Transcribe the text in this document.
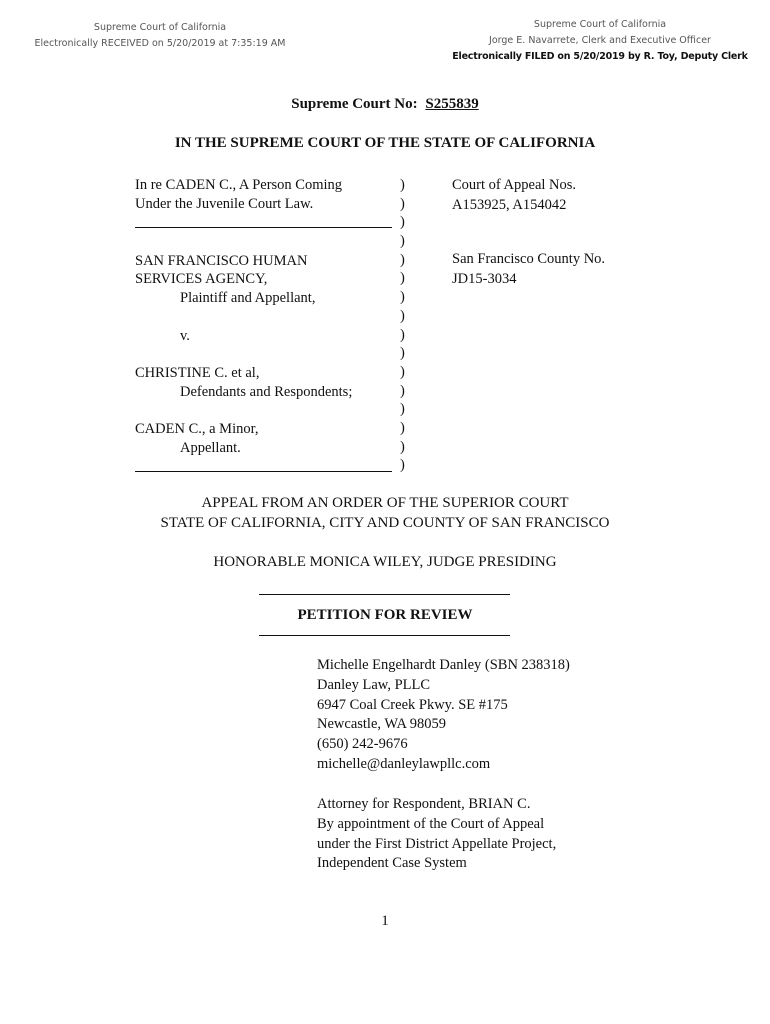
Supreme Court of California
Electronically RECEIVED on 5/20/2019 at 7:35:19 AM
Supreme Court of California
Jorge E. Navarrete, Clerk and Executive Officer
Electronically FILED on 5/20/2019 by R. Toy, Deputy Clerk
Supreme Court No: S255839
IN THE SUPREME COURT OF THE STATE OF CALIFORNIA
In re CADEN C., A Person Coming
Under the Juvenile Court Law.
SAN FRANCISCO HUMAN
SERVICES AGENCY,
Plaintiff and Appellant,
v.
CHRISTINE C. et al,
Defendants and Respondents;
CADEN C., a Minor,
Appellant.
)
)
)
)
)
)
)
)
)
)
)
)
)
)
)
)
Court of Appeal Nos.
A153925, A154042
San Francisco County No.
JD15-3034
APPEAL FROM AN ORDER OF THE SUPERIOR COURT
STATE OF CALIFORNIA, CITY AND COUNTY OF SAN FRANCISCO
HONORABLE MONICA WILEY, JUDGE PRESIDING
PETITION FOR REVIEW
Michelle Engelhardt Danley (SBN 238318)
Danley Law, PLLC
6947 Coal Creek Pkwy. SE #175
Newcastle, WA 98059
(650) 242-9676
michelle@danleylawpllc.com
Attorney for Respondent, BRIAN C.
By appointment of the Court of Appeal
under the First District Appellate Project,
Independent Case System
1
